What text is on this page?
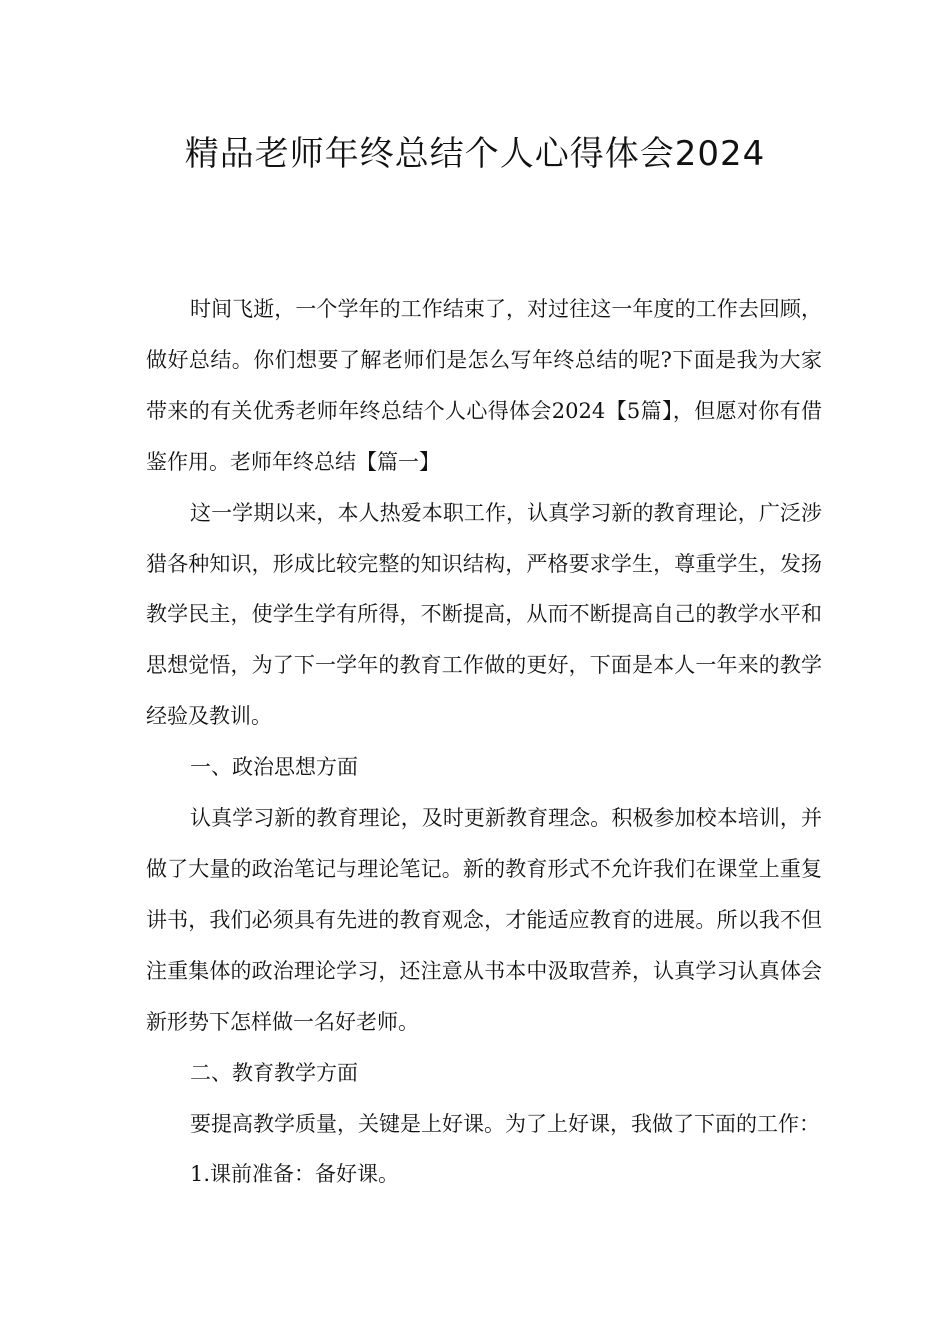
精品老师年终总结个人心得体会2024

时间飞逝，一个学年的工作结束了，对过往这一年度的工作去回顾，做好总结。你们想要了解老师们是怎么写年终总结的呢?下面是我为大家带来的有关优秀老师年终总结个人心得体会2024【5篇】，但愿对你有借鉴作用。老师年终总结【篇一】

这一学期以来，本人热爱本职工作，认真学习新的教育理论，广泛涉猎各种知识，形成比较完整的知识结构，严格要求学生，尊重学生，发扬教学民主，使学生学有所得，不断提高，从而不断提高自己的教学水平和思想觉悟，为了下一学年的教育工作做的更好，下面是本人一年来的教学经验及教训。

一、政治思想方面

认真学习新的教育理论，及时更新教育理念。积极参加校本培训，并做了大量的政治笔记与理论笔记。新的教育形式不允许我们在课堂上重复讲书，我们必须具有先进的教育观念，才能适应教育的进展。所以我不但注重集体的政治理论学习，还注意从书本中汲取营养，认真学习认真体会新形势下怎样做一名好老师。

二、教育教学方面

要提高教学质量，关键是上好课。为了上好课，我做了下面的工作：

1.课前准备：备好课。
